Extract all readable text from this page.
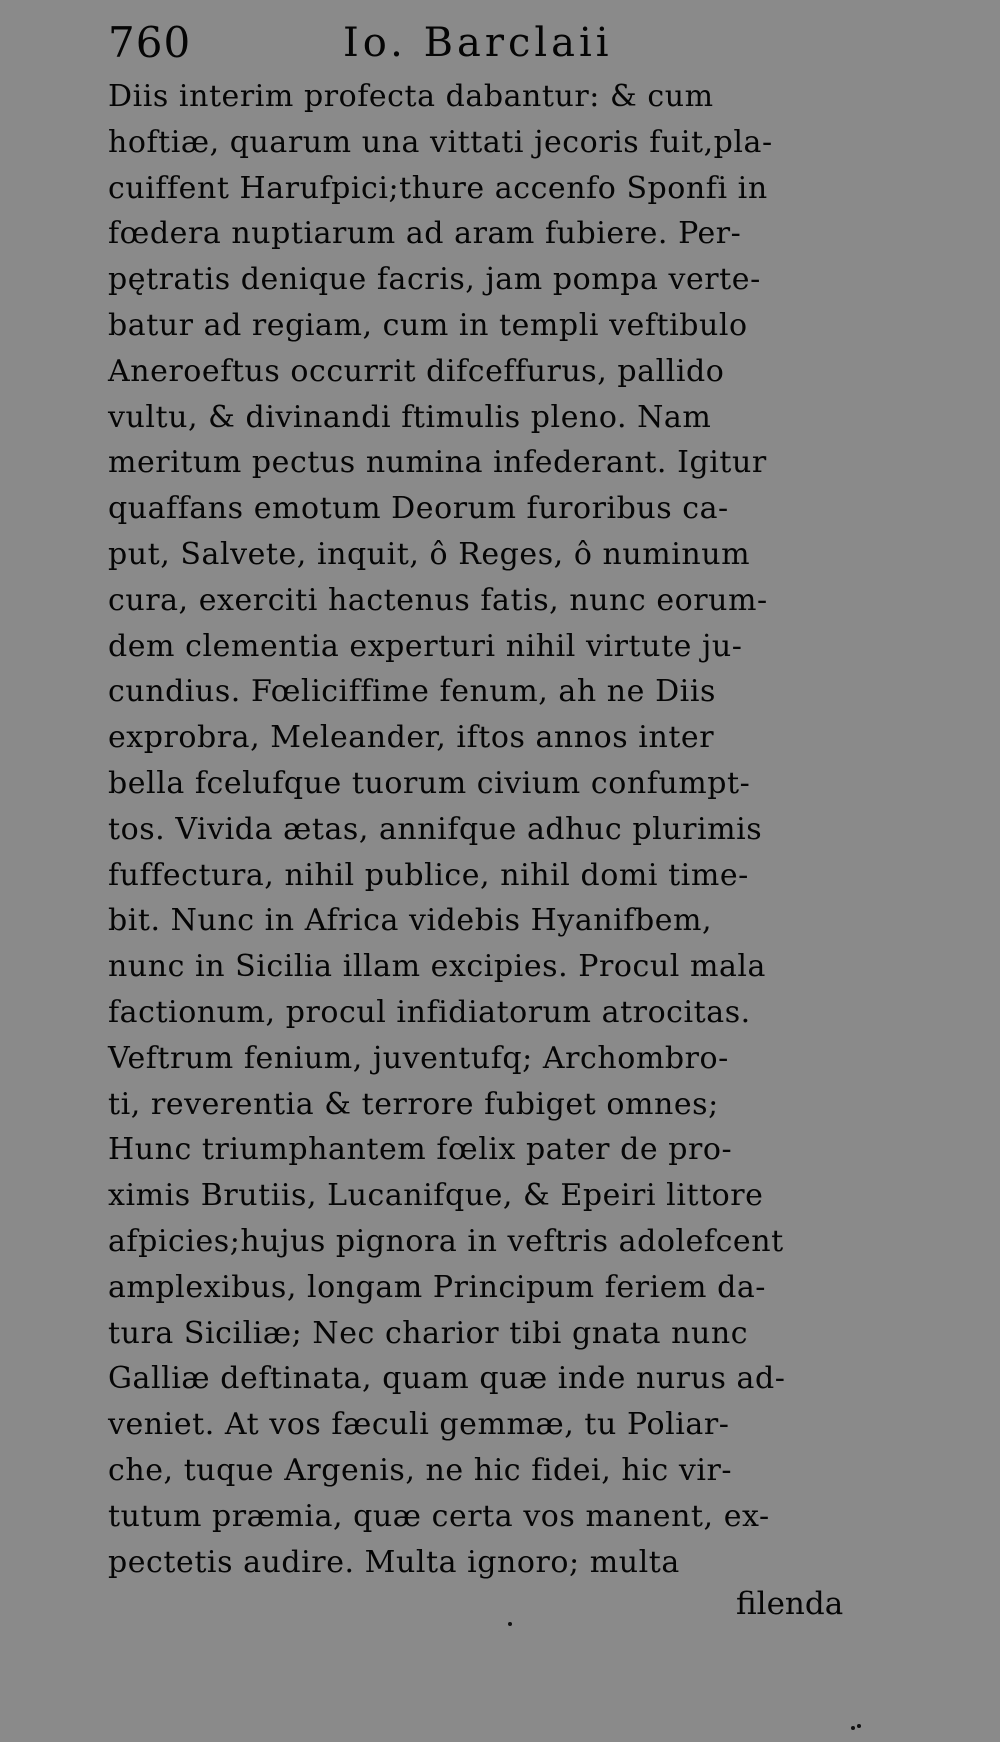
760	Io. Barclaii
Diis interim profecta dabantur: & cum
hoftiæ, quarum una vittati jecoris fuit,pla-
cuiffent Harufpici;thure accenfo Sponfi in
fœdera nuptiarum ad aram fubiere. Per-
pętratis denique facris, jam pompa verte-
batur ad regiam, cum in templi veftibulo
Aneroeftus occurrit difceffurus, pallido
vultu, & divinandi ftimulis pleno. Nam
meritum pectus numina infederant. Igitur
quaffans emotum Deorum furoribus ca-
put, Salvete, inquit, ô Reges, ô numinum
cura, exerciti hactenus fatis, nunc eorum-
dem clementia experturi nihil virtute ju-
cundius. Fœliciffime fenum, ah ne Diis
exprobra, Meleander, iftos annos inter
bella fcelufque tuorum civium confumpt-
tos. Vivida ætas, annifque adhuc plurimis
fuffectura, nihil publice, nihil domi time-
bit. Nunc in Africa videbis Hyanifbem,
nunc in Sicilia illam excipies. Procul mala
factionum, procul infidiatorum atrocitas.
Veftrum fenium, juventufq; Archombro-
ti, reverentia & terrore fubiget omnes;
Hunc triumphantem fœlix pater de pro-
ximis Brutiis, Lucanifque, & Epeiri littore
afpicies;hujus pignora in veftris adolefcent
amplexibus, longam Principum feriem da-
tura Siciliæ; Nec charior tibi gnata nunc
Galliæ deftinata, quam quæ inde nurus ad-
veniet. At vos fæculi gemmæ, tu Poliar-
che, tuque Argenis, ne hic fidei, hic vir-
tutum præmia, quæ certa vos manent, ex-
pectetis audire. Multa ignoro; multa
filenda
